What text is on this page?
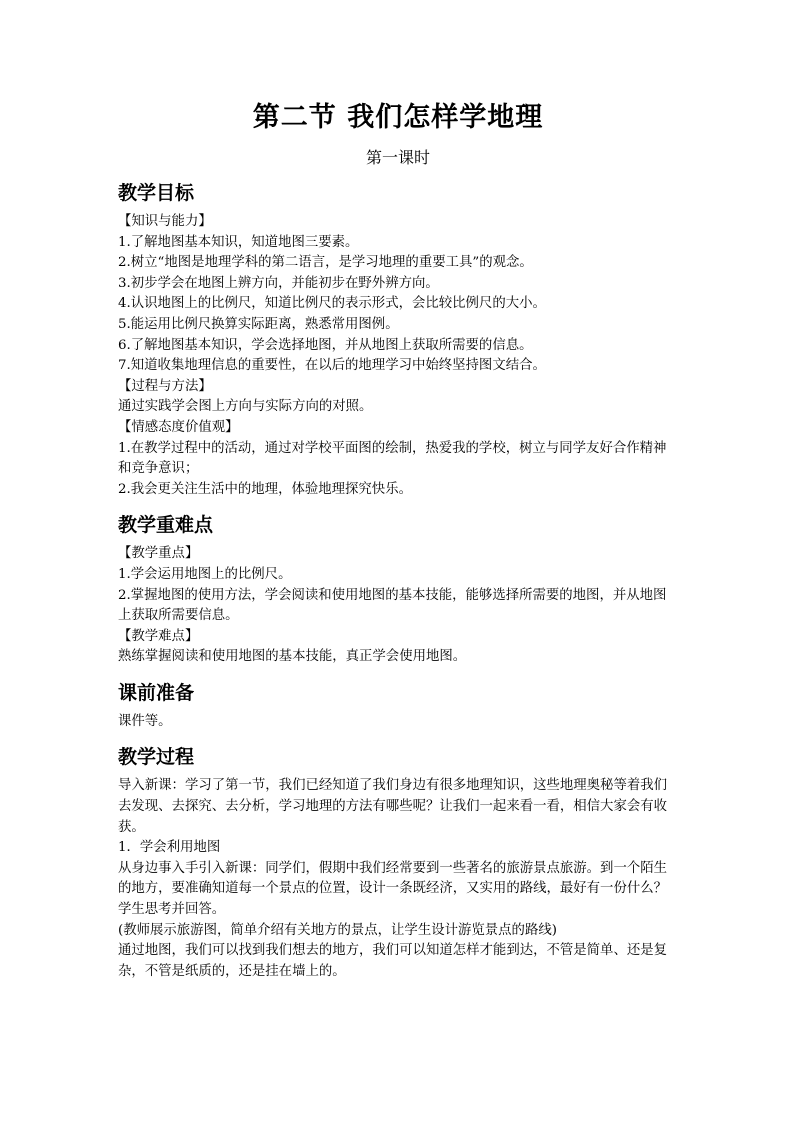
第二节 我们怎样学地理

第一课时

教学目标

【知识与能力】

1.了解地图基本知识，知道地图三要素。

2.树立“地图是地理学科的第二语言，是学习地理的重要工具”的观念。

3.初步学会在地图上辨方向，并能初步在野外辨方向。

4.认识地图上的比例尺，知道比例尺的表示形式，会比较比例尺的大小。

5.能运用比例尺换算实际距离，熟悉常用图例。

6.了解地图基本知识，学会选择地图，并从地图上获取所需要的信息。

7.知道收集地理信息的重要性，在以后的地理学习中始终坚持图文结合。

【过程与方法】

通过实践学会图上方向与实际方向的对照。

【情感态度价值观】

1.在教学过程中的活动，通过对学校平面图的绘制，热爱我的学校，树立与同学友好合作精神和竞争意识；

2.我会更关注生活中的地理，体验地理探究快乐。

教学重难点

【教学重点】

1.学会运用地图上的比例尺。

2.掌握地图的使用方法，学会阅读和使用地图的基本技能，能够选择所需要的地图，并从地图上获取所需要信息。

【教学难点】

熟练掌握阅读和使用地图的基本技能，真正学会使用地图。

课前准备

课件等。

教学过程

导入新课：学习了第一节，我们已经知道了我们身边有很多地理知识，这些地理奥秘等着我们去发现、去探究、去分析，学习地理的方法有哪些呢？让我们一起来看一看，相信大家会有收获。

1．学会利用地图

从身边事入手引入新课：同学们，假期中我们经常要到一些著名的旅游景点旅游。到一个陌生的地方，要准确知道每一个景点的位置，设计一条既经济，又实用的路线，最好有一份什么？

学生思考并回答。

(教师展示旅游图，简单介绍有关地方的景点，让学生设计游览景点的路线)

通过地图，我们可以找到我们想去的地方，我们可以知道怎样才能到达，不管是简单、还是复杂，不管是纸质的，还是挂在墙上的。
